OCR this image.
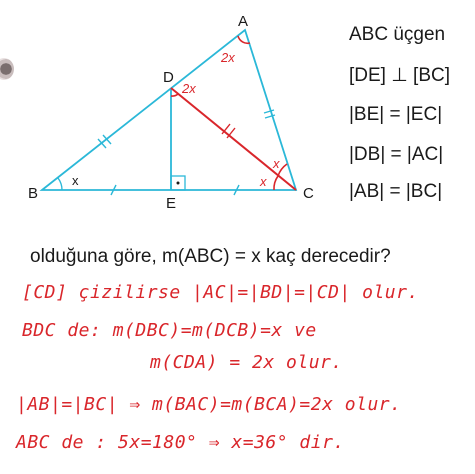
A
B	C
D
E
2x
2x
x	x
x
ABC üçgen
[DE] ⊥ [BC]
|BE| = |EC|
|DB| = |AC|
|AB| = |BC|
olduğuna göre, m(ABC) = x kaç derecedir?
[CD] çizilirse |AC|=|BD|=|CD| olur.
BDC de: m(DBC)=m(DCB)=x ve
m(CDA) = 2x olur.
|AB|=|BC| ⇒ m(BAC)=m(BCA)=2x olur.
ABC de : 5x=180° ⇒ x=36° dir.
